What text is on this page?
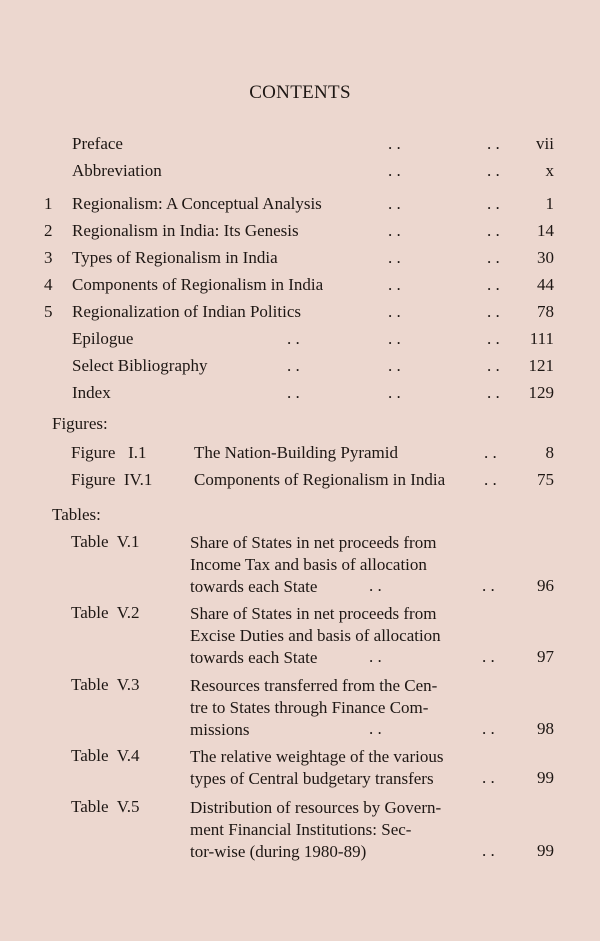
CONTENTS
Preface	. .	. . vii
Abbreviation	. .	. .	x
1 Regionalism: A Conceptual Analysis	. .	. .	1
2 Regionalism in India: Its Genesis	. .	. . 14
3 Types of Regionalism in India	. .	. . 30
4 Components of Regionalism in India	. .	. . 44
5 Regionalization of Indian Politics	. .	. . 78
Epilogue	. .	. .	. . 111
Select Bibliography	. .	. .	. . 121
Index	. .	. .	. . 129
Figures:
Figure   I.1	The Nation-Building Pyramid	. .	8
Figure  IV.1 Components of Regionalism in India . . 75
Tables:
Table  V.1	Share of States in net proceeds from
Income Tax and basis of allocation
towards each State	. .	. . 96
Table  V.2	Share of States in net proceeds from
Excise Duties and basis of allocation
towards each State	. .	. . 97
Table  V.3	Resources transferred from the Cen-
tre to States through Finance Com-
missions	. .	. . 98
Table  V.4	The relative weightage of the various
types of Central budgetary transfers	. . 99
Table  V.5	Distribution of resources by Govern-
ment Financial Institutions: Sec-
tor-wise (during 1980-89)	. . 99
